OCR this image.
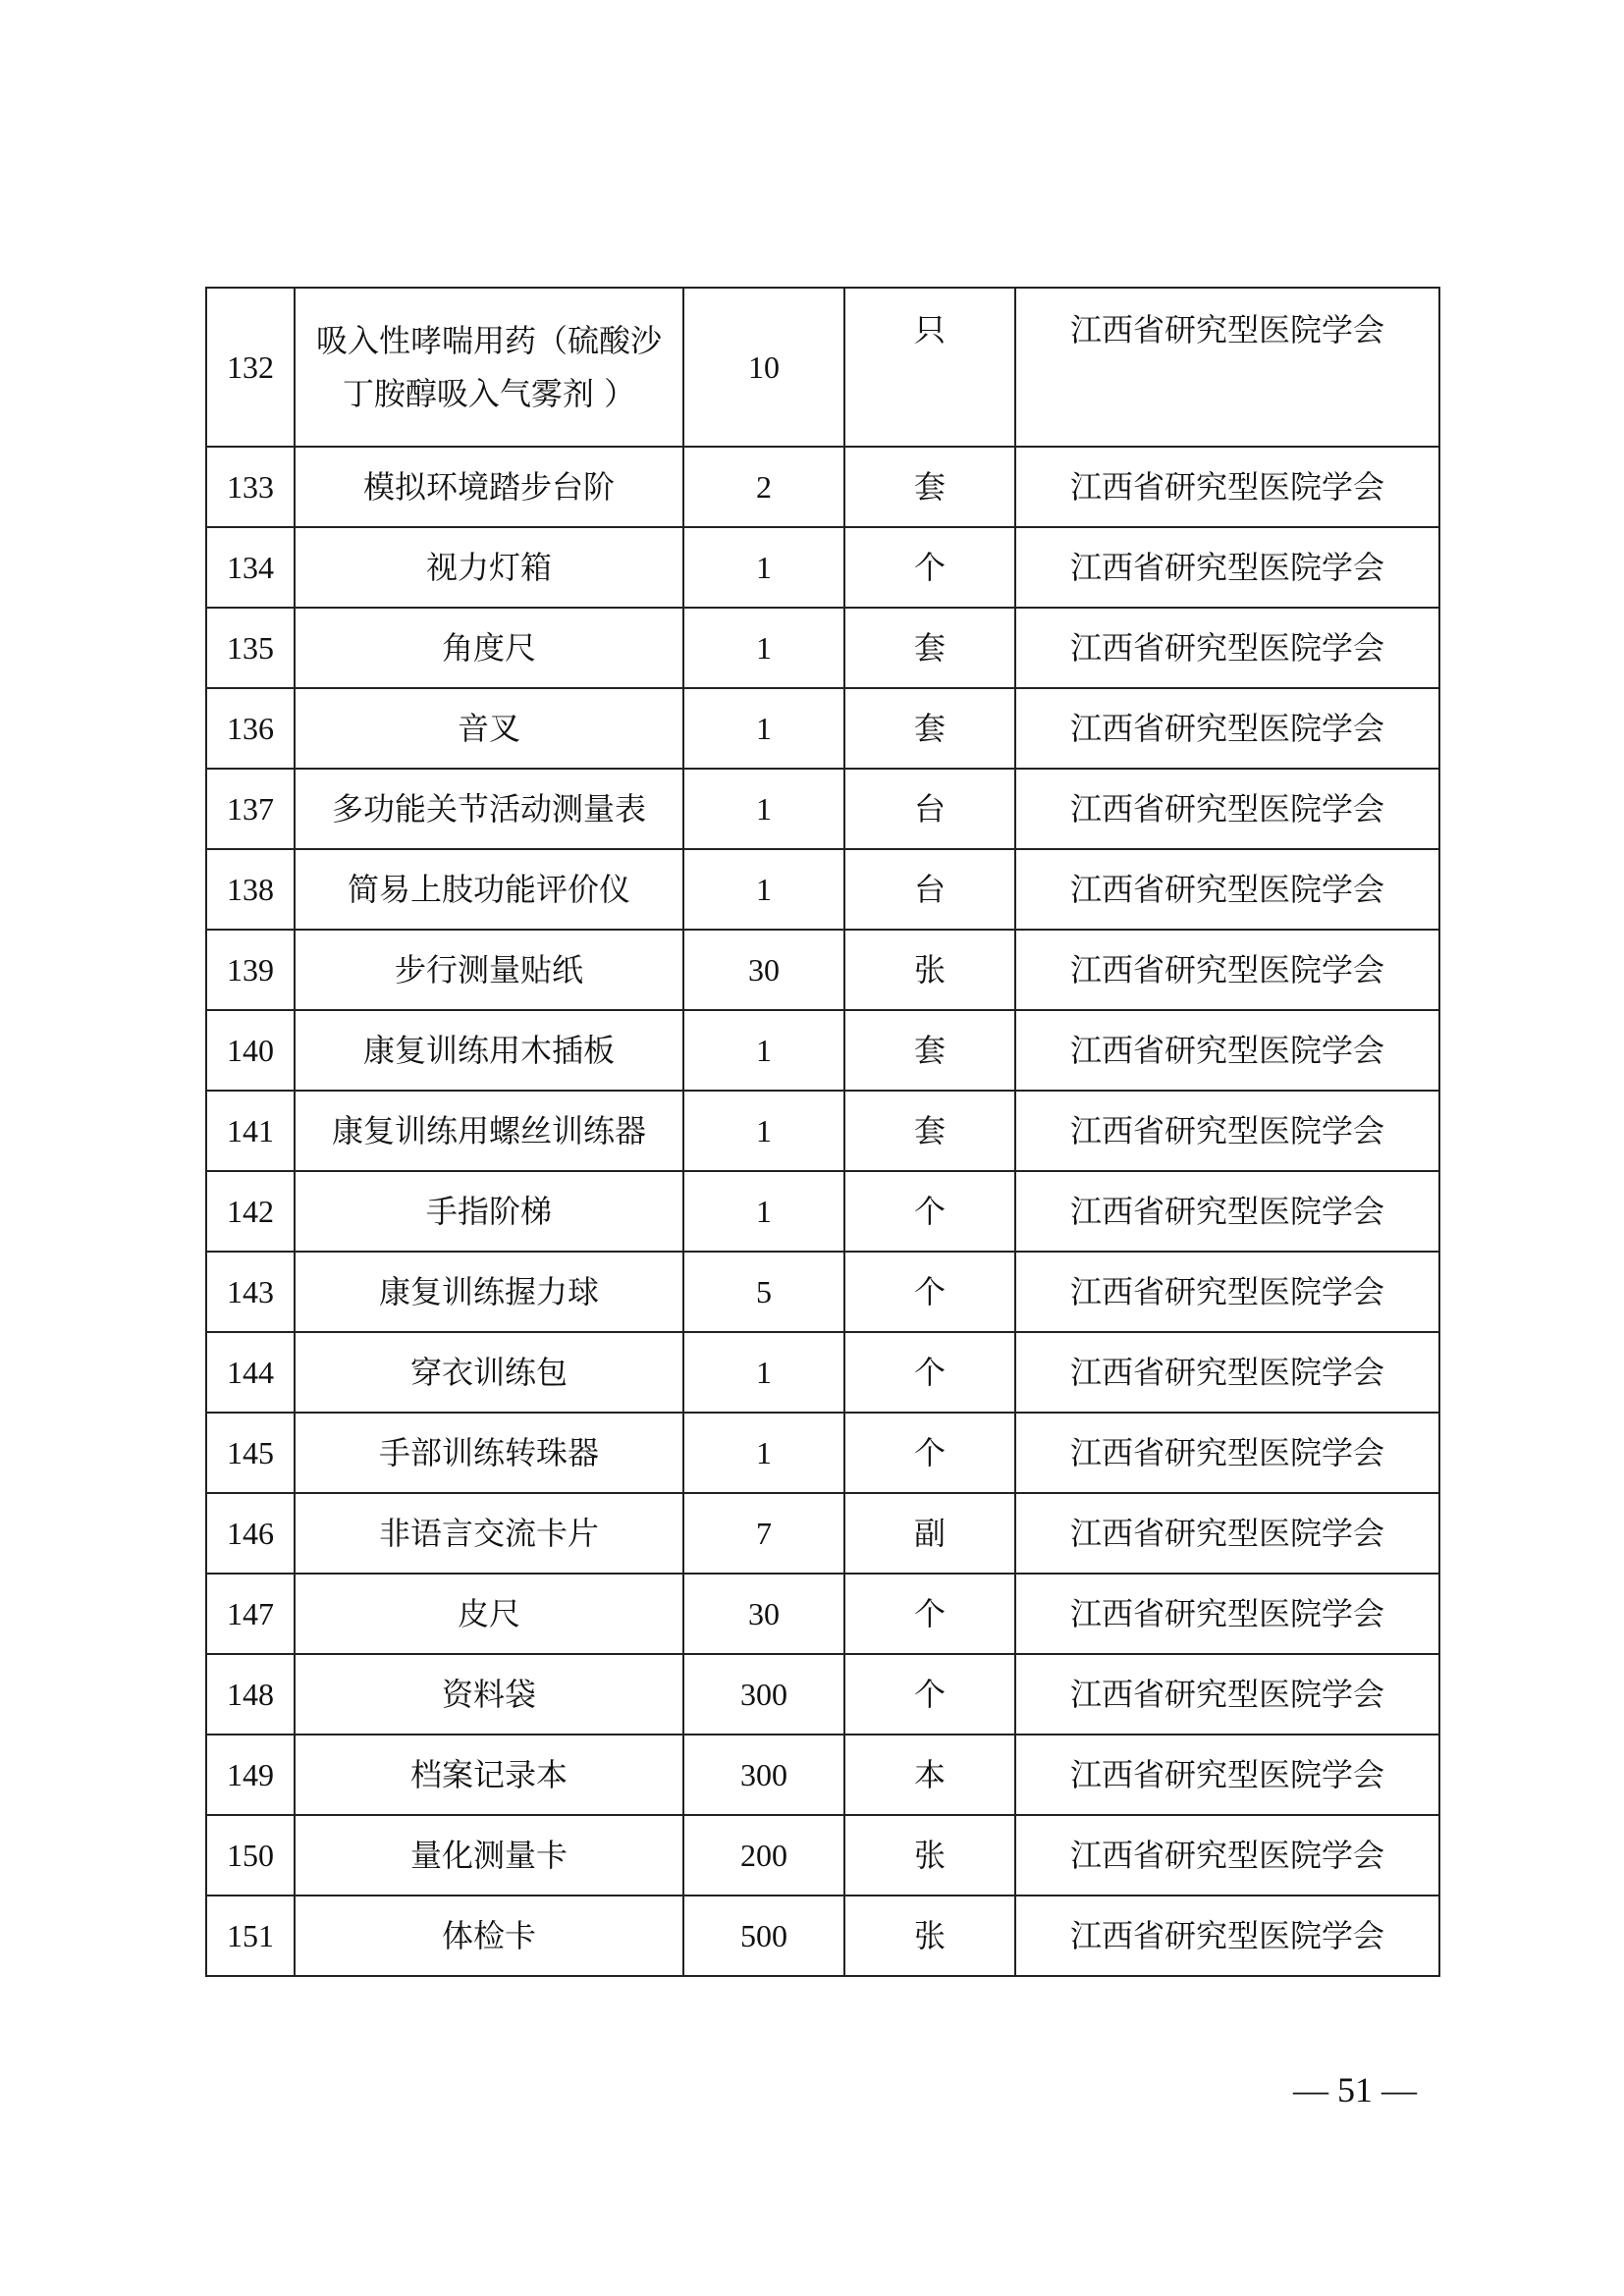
132	吸入性哮喘用药（硫酸沙丁胺醇吸入气雾剂 ）	10	只	江西省研究型医院学会
133	模拟环境踏步台阶	2	套	江西省研究型医院学会
134	视力灯箱	1	个	江西省研究型医院学会
135	角度尺	1	套	江西省研究型医院学会
136	音叉	1	套	江西省研究型医院学会
137	多功能关节活动测量表	1	台	江西省研究型医院学会
138	简易上肢功能评价仪	1	台	江西省研究型医院学会
139	步行测量贴纸	30	张	江西省研究型医院学会
140	康复训练用木插板	1	套	江西省研究型医院学会
141	康复训练用螺丝训练器	1	套	江西省研究型医院学会
142	手指阶梯	1	个	江西省研究型医院学会
143	康复训练握力球	5	个	江西省研究型医院学会
144	穿衣训练包	1	个	江西省研究型医院学会
145	手部训练转珠器	1	个	江西省研究型医院学会
146	非语言交流卡片	7	副	江西省研究型医院学会
147	皮尺	30	个	江西省研究型医院学会
148	资料袋	300	个	江西省研究型医院学会
149	档案记录本	300	本	江西省研究型医院学会
150	量化测量卡	200	张	江西省研究型医院学会
151	体检卡	500	张	江西省研究型医院学会
— 51 —
